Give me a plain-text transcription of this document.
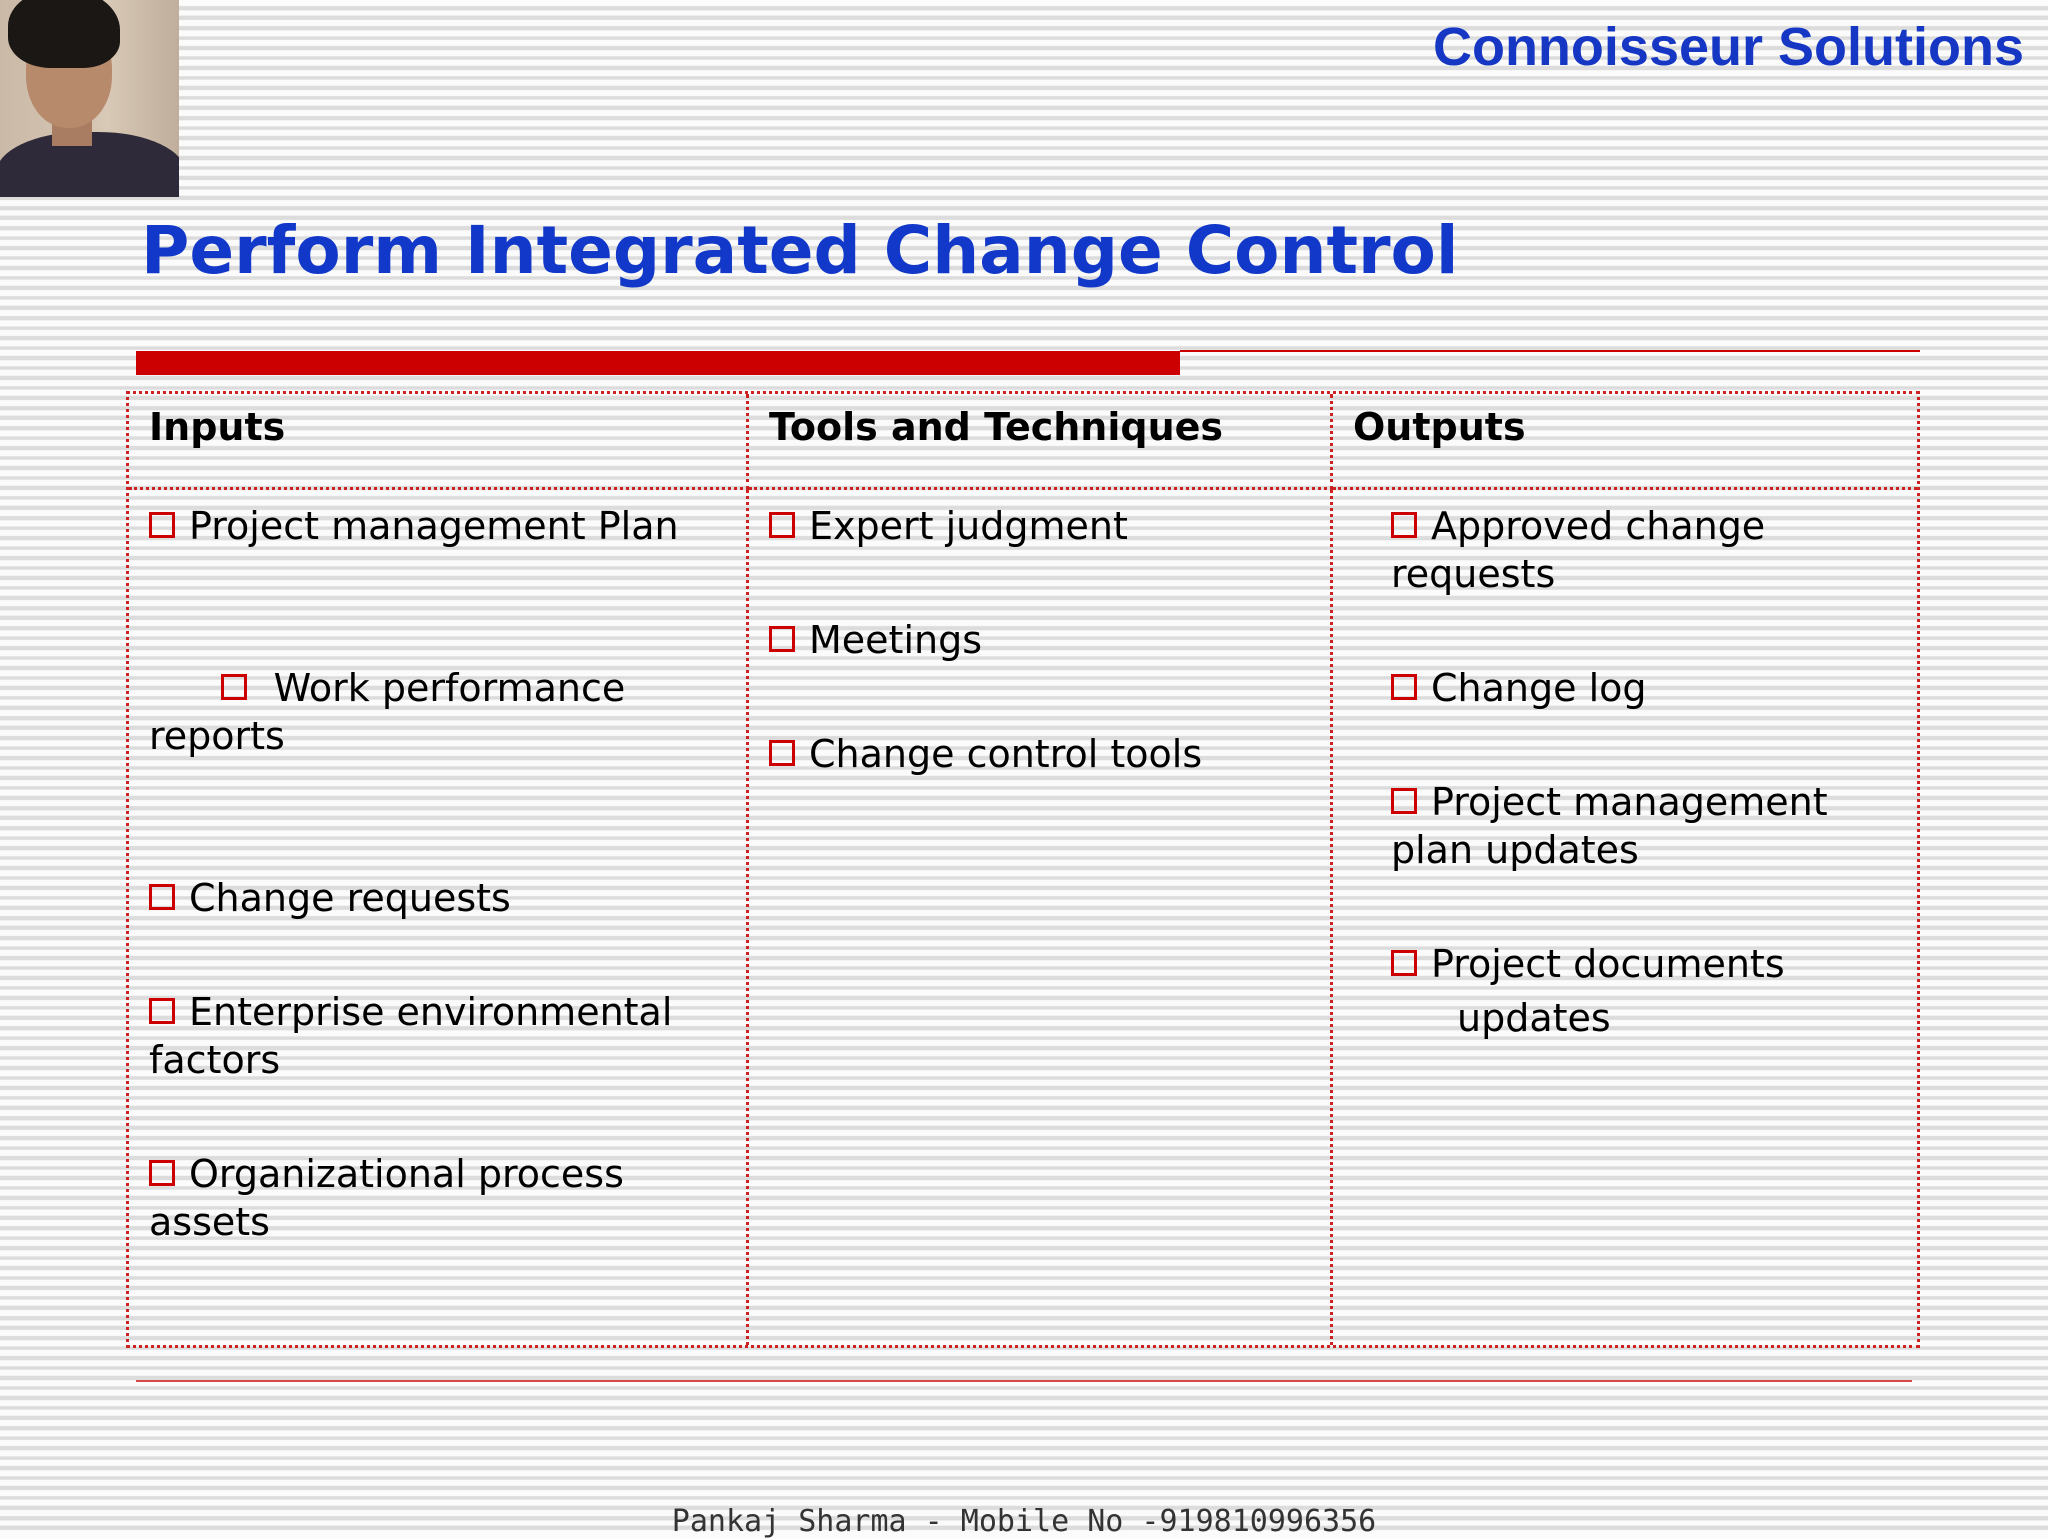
Connoisseur Solutions
Perform Integrated Change Control
Inputs	Tools and Techniques	Outputs
Project management Plan

Work performance reports

Change requests
Enterprise environmental factors
Organizational process assets
Expert judgment
Meetings
Change control tools
Approved change requests
Change log
Project management plan updates
Project documents
updates
Pankaj Sharma - Mobile No -919810996356
